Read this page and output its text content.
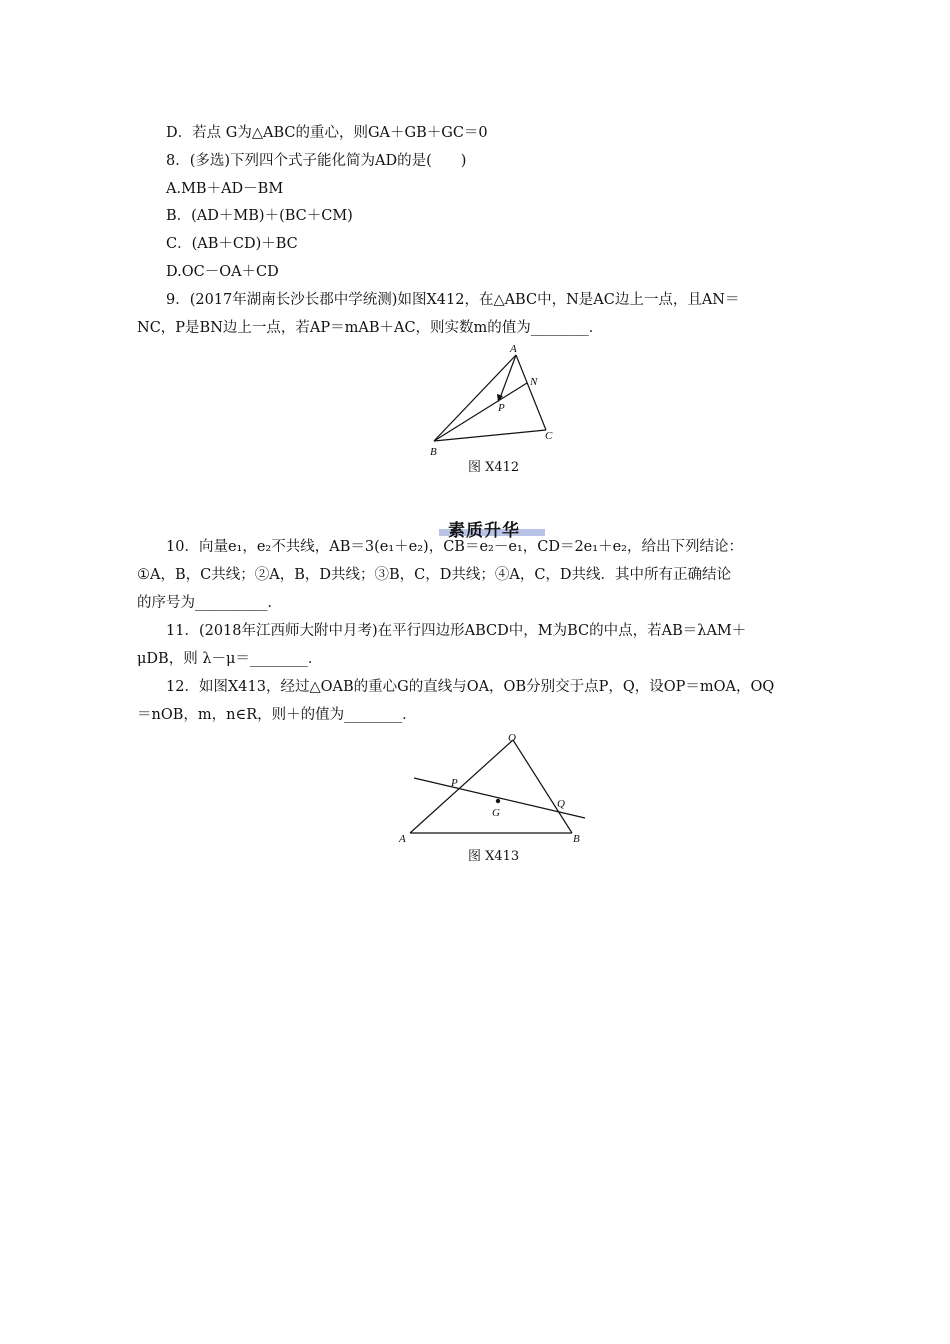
D．若点 G为△ABC的重心，则GA＋GB＋GC＝0
8．(多选)下列四个式子能化简为AD的是(　　)
A.MB＋AD－BM
B．(AD＋MB)＋(BC＋CM)
C．(AB＋CD)＋BC
D.OC－OA＋CD
9．(2017年湖南长沙长郡中学统测)如图X412，在△ABC中，N是AC边上一点，且AN＝
NC，P是BN边上一点，若AP＝mAB＋AC，则实数m的值为________．
A
N
P
B
C
图 X412
素质升华
10．向量e₁，e₂不共线，AB＝3(e₁＋e₂)，CB＝e₂－e₁，CD＝2e₁＋e₂，给出下列结论：
①A，B，C共线；②A，B，D共线；③B，C，D共线；④A，C，D共线．其中所有正确结论
的序号为__________．
11．(2018年江西师大附中月考)在平行四边形ABCD中，M为BC的中点，若AB＝λAM＋
μDB，则 λ－μ＝________．
12．如图X413，经过△OAB的重心G的直线与OA，OB分别交于点P，Q，设OP＝mOA，OQ
＝nOB，m，n∈R，则＋的值为________．
O
P
G
Q
A	B
图 X413
